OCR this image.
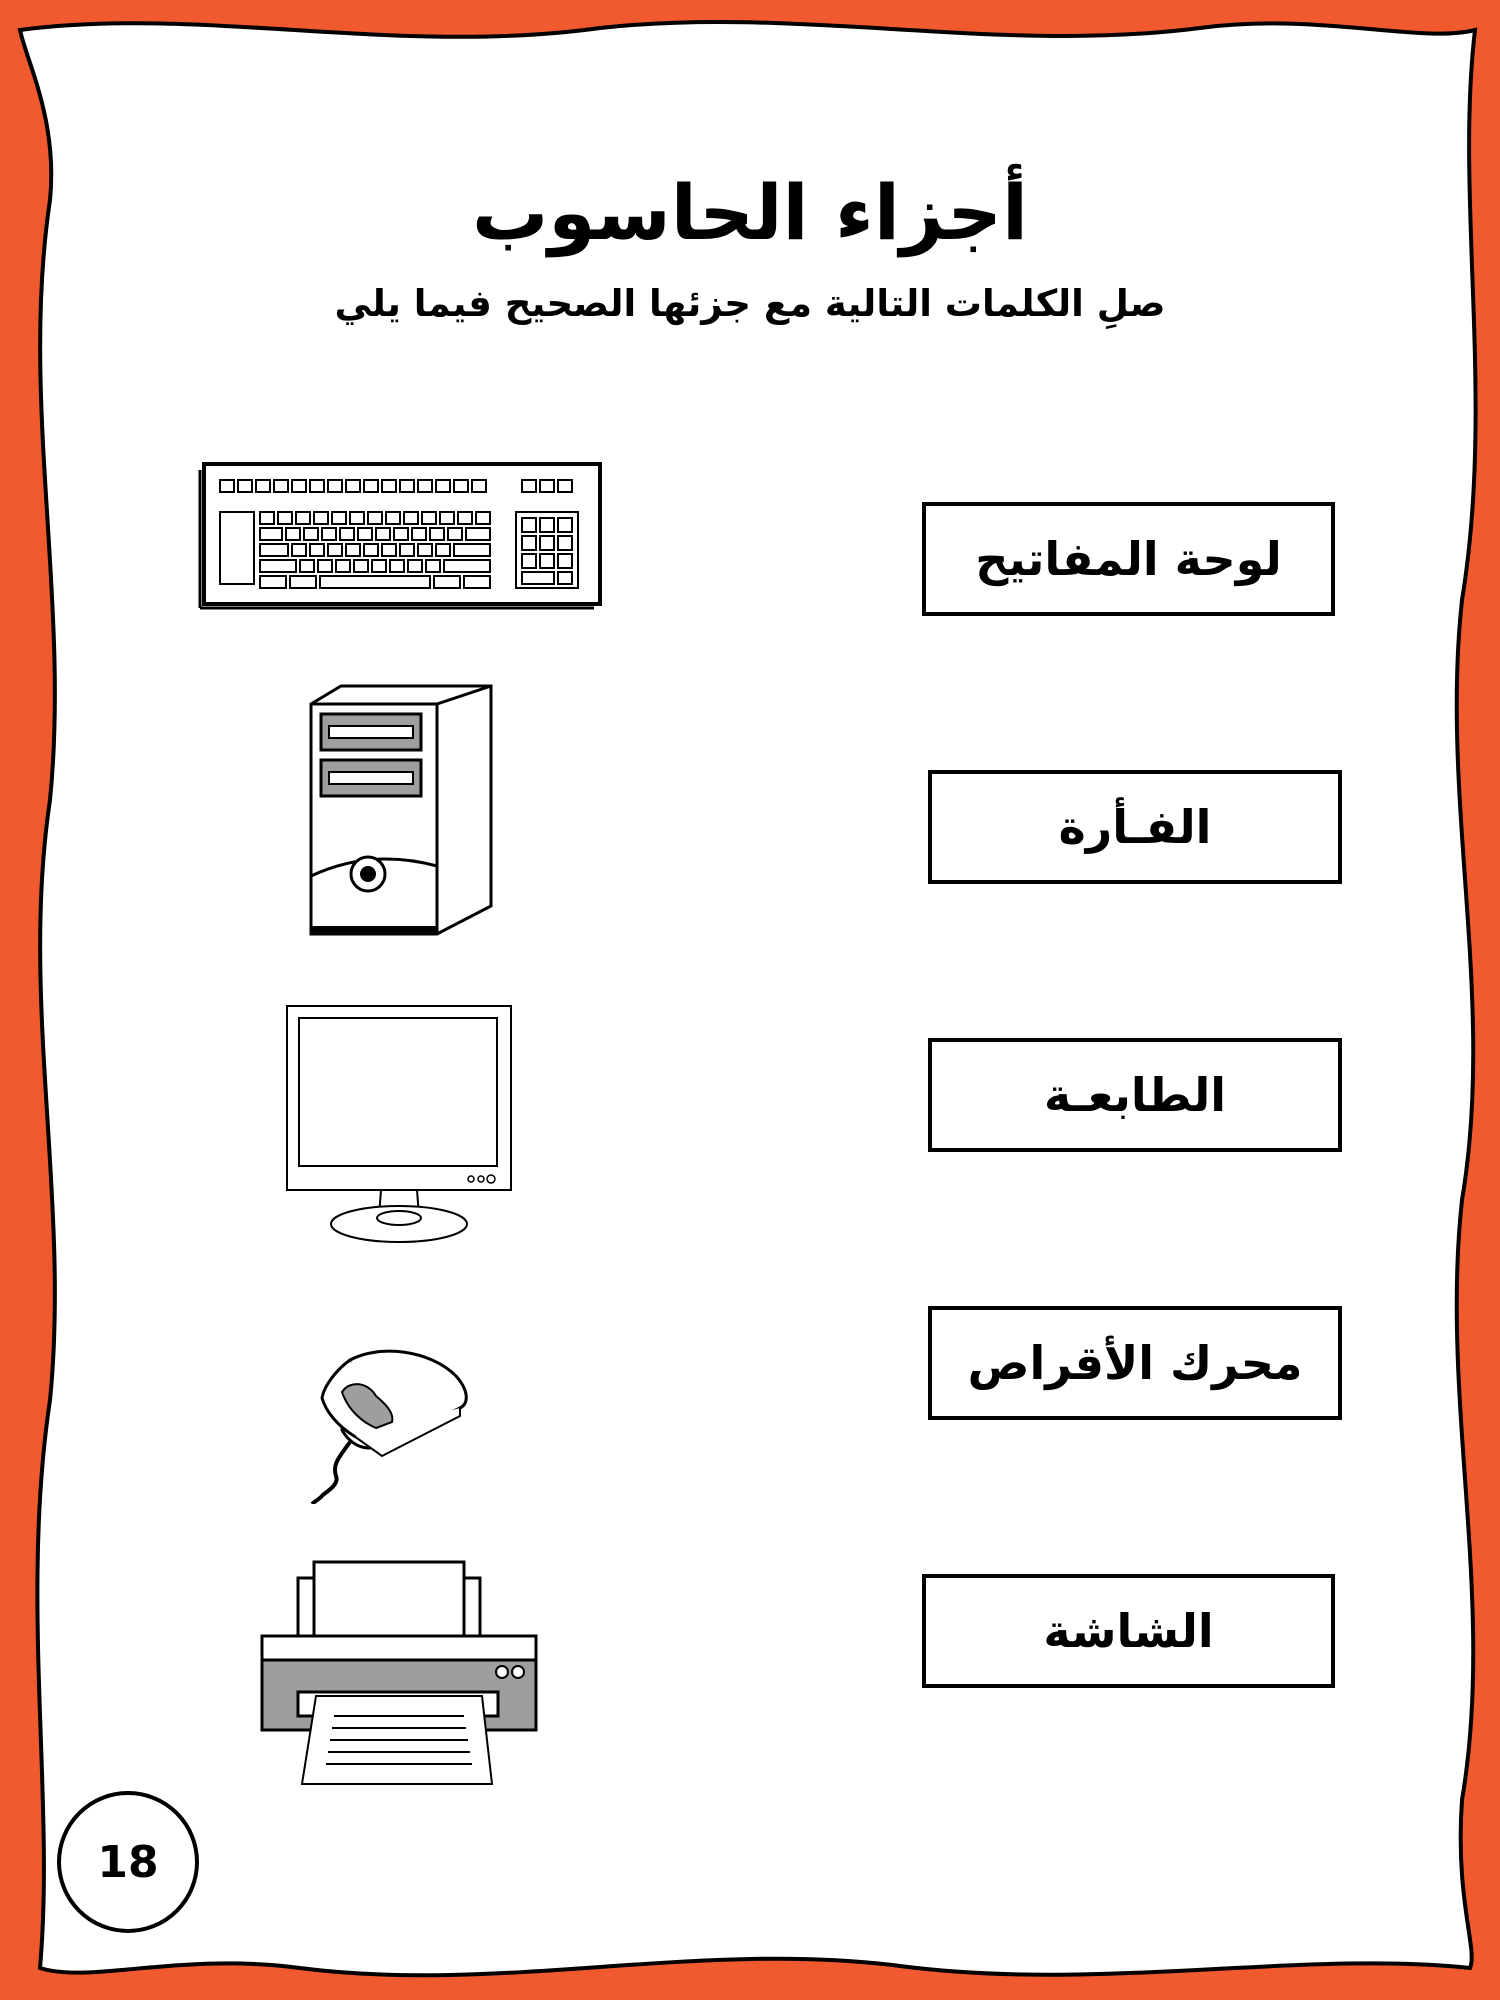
أجزاء الحاسوب
صلِ الكلمات التالية مع جزئها الصحيح فيما يلي
لوحة المفاتيح
الفـأرة
الطابعـة
محرك الأقراص
الشاشة
18
